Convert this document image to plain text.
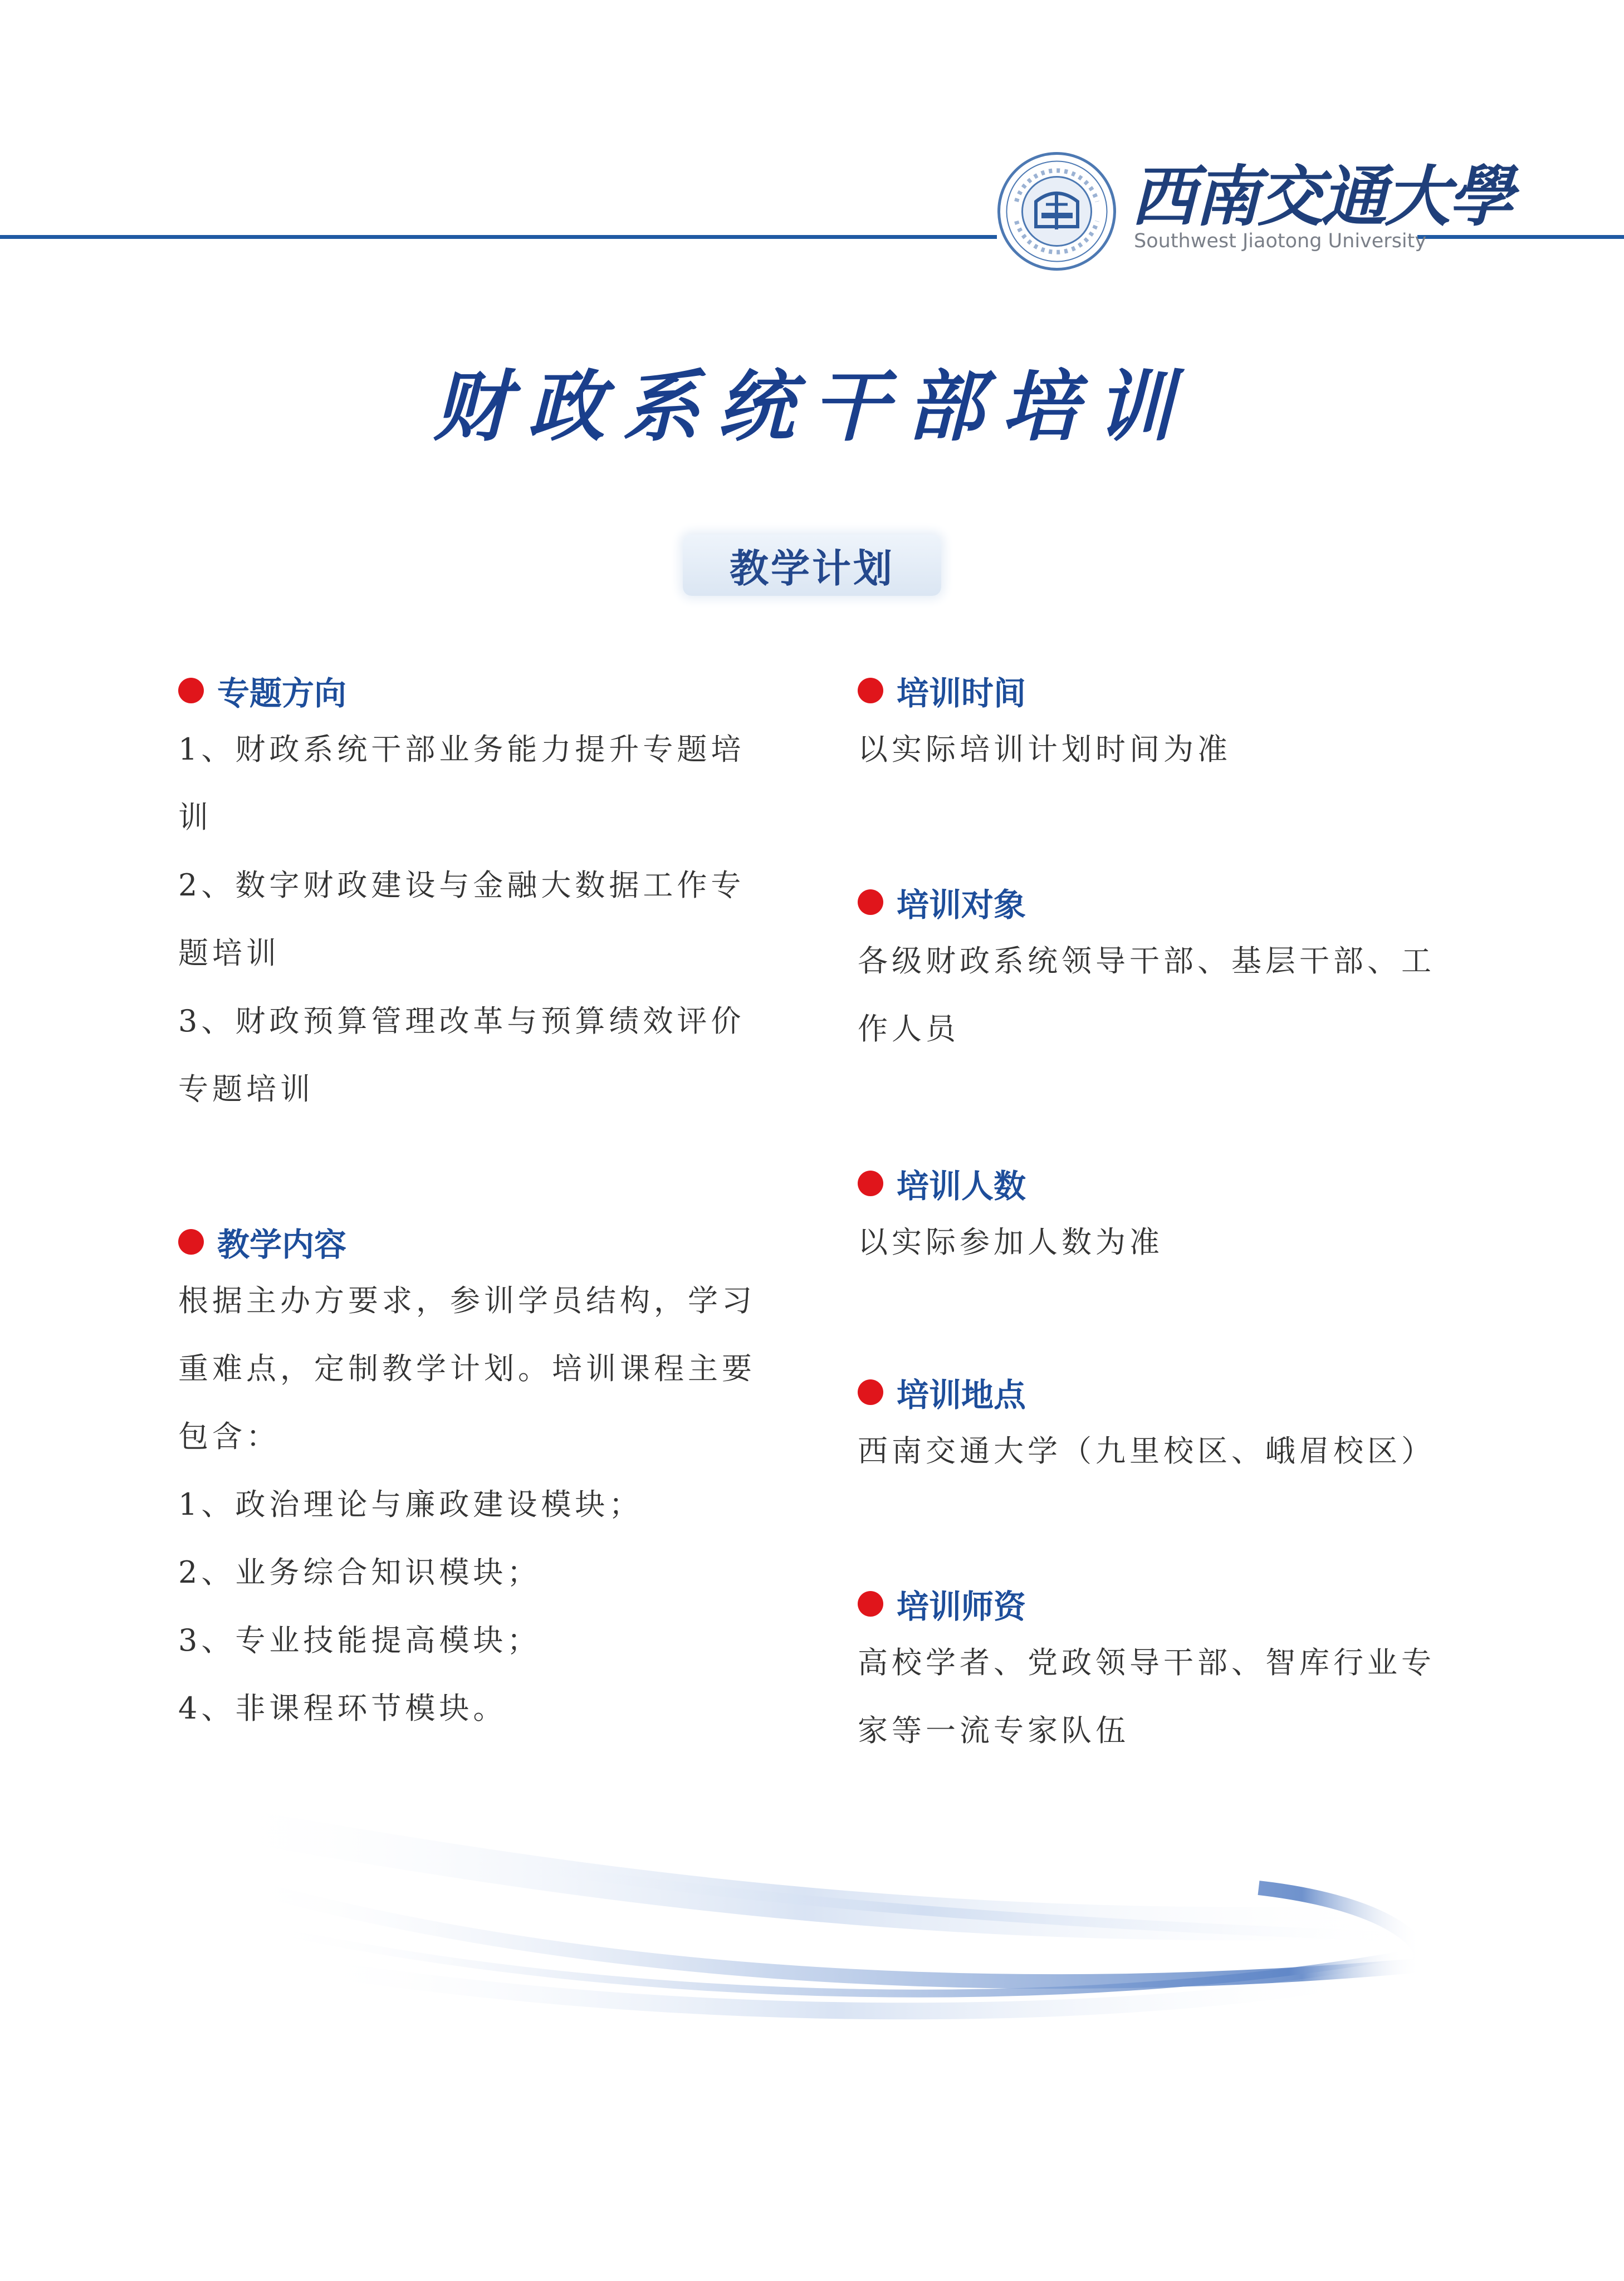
西南交通大學
Southwest Jiaotong University
财政系统干部培训
教学计划
专题方向

1、财政系统干部业务能力提升专题培

训

2、数字财政建设与金融大数据工作专

题培训

3、财政预算管理改革与预算绩效评价

专题培训

教学内容

根据主办方要求，参训学员结构，学习

重难点，定制教学计划。培训课程主要

包含：

1、政治理论与廉政建设模块；

2、业务综合知识模块；

3、专业技能提高模块；

4、非课程环节模块。

培训时间

以实际培训计划时间为准

培训对象

各级财政系统领导干部、基层干部、工

作人员

培训人数

以实际参加人数为准

培训地点

西南交通大学（九里校区、峨眉校区）

培训师资

高校学者、党政领导干部、智库行业专

家等一流专家队伍
